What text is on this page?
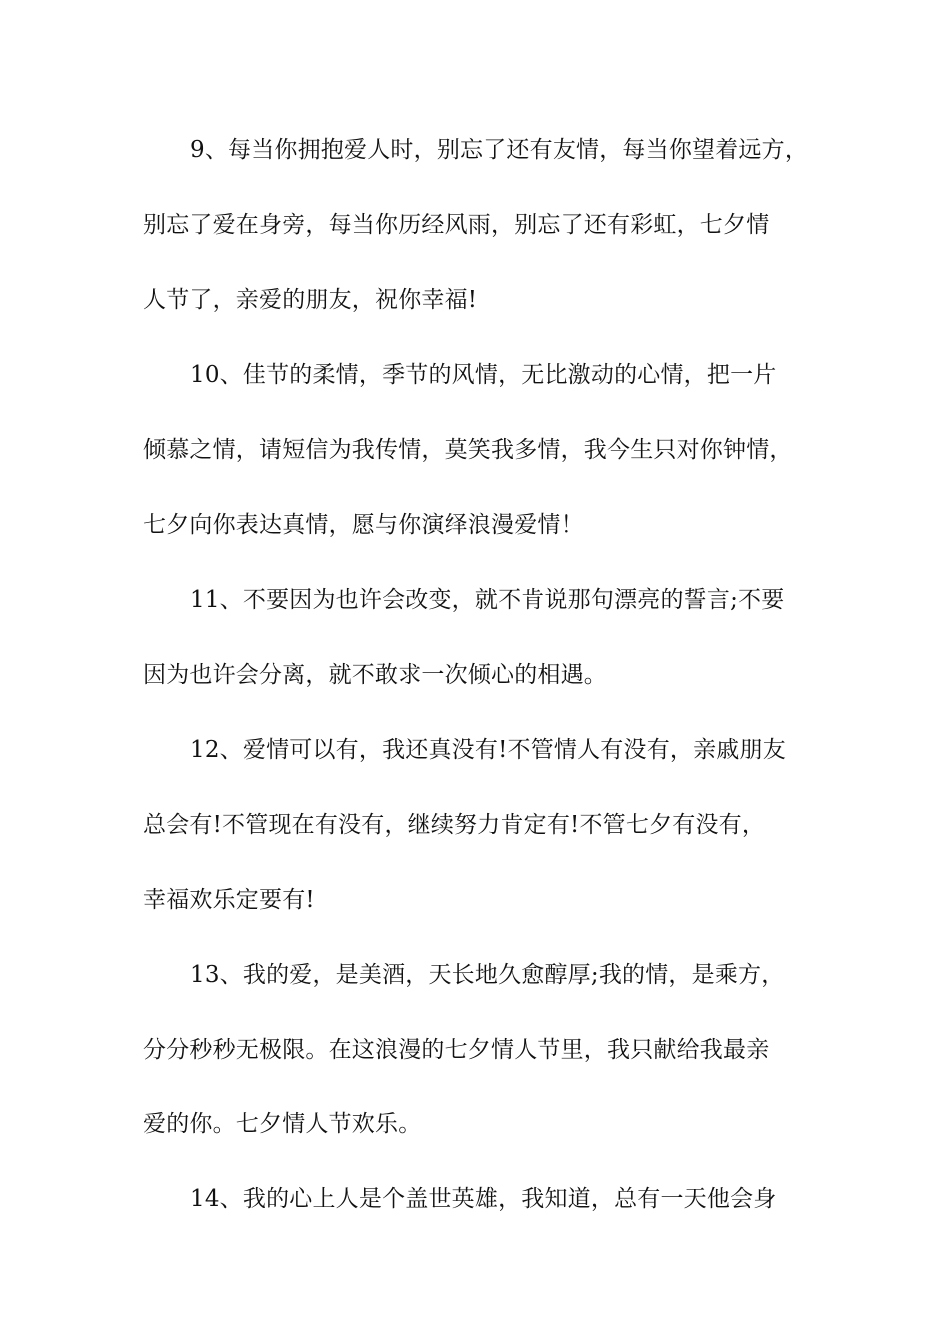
9、每当你拥抱爱人时，别忘了还有友情，每当你望着远方，
别忘了爱在身旁，每当你历经风雨，别忘了还有彩虹，七夕情
人节了，亲爱的朋友，祝你幸福!
10、佳节的柔情，季节的风情，无比激动的心情，把一片
倾慕之情，请短信为我传情，莫笑我多情，我今生只对你钟情，
七夕向你表达真情，愿与你演绎浪漫爱情！
11、不要因为也许会改变，就不肯说那句漂亮的誓言;不要
因为也许会分离，就不敢求一次倾心的相遇。
12、爱情可以有，我还真没有!不管情人有没有，亲戚朋友
总会有!不管现在有没有，继续努力肯定有!不管七夕有没有，
幸福欢乐定要有!
13、我的爱，是美酒，天长地久愈醇厚;我的情，是乘方，
分分秒秒无极限。在这浪漫的七夕情人节里，我只献给我最亲
爱的你。七夕情人节欢乐。
14、我的心上人是个盖世英雄，我知道，总有一天他会身
